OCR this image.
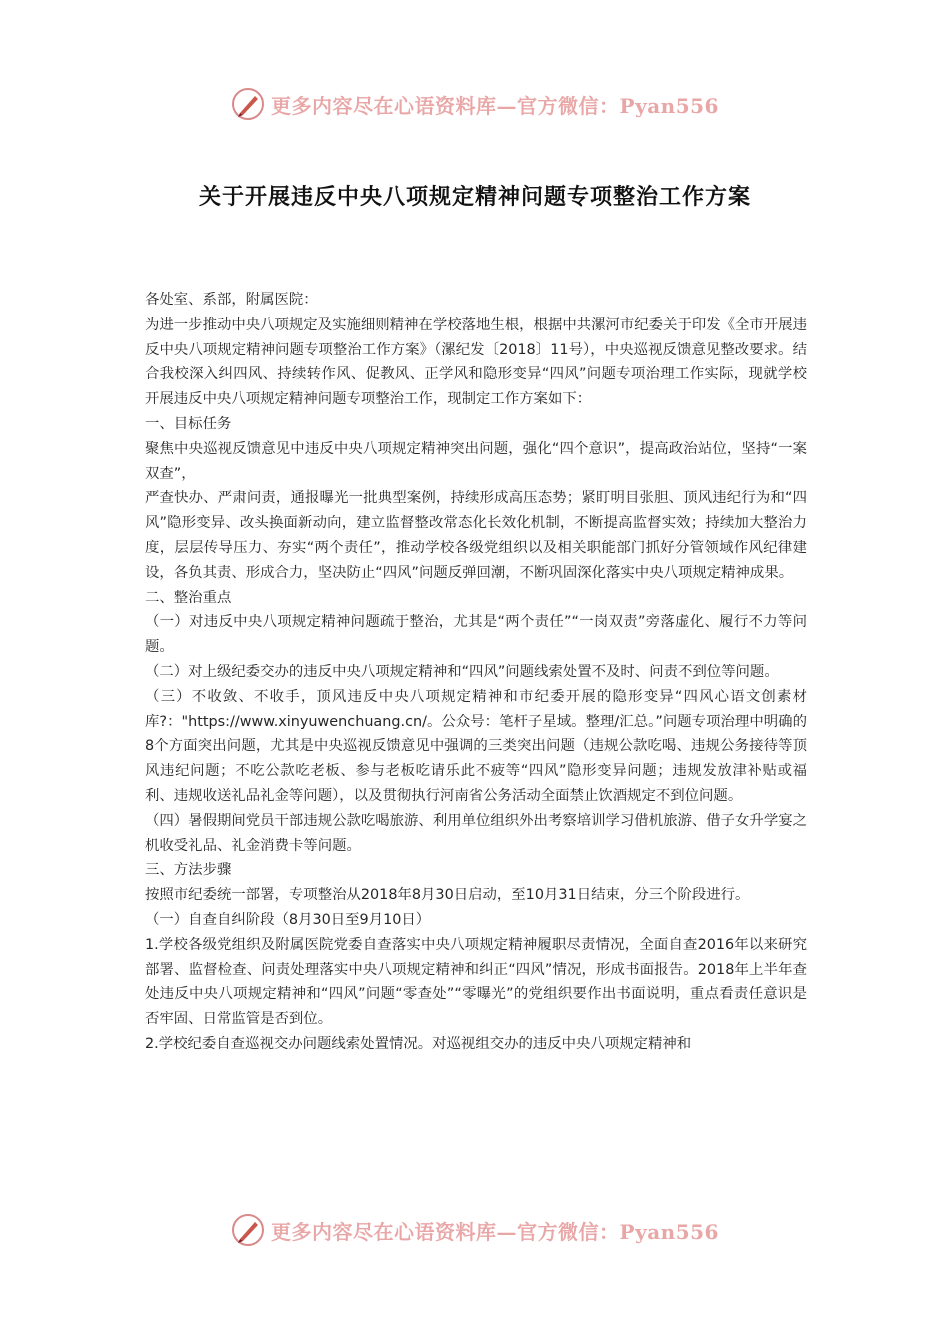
更多内容尽在心语资料库—官方微信：Pyan556
关于开展违反中央八项规定精神问题专项整治工作方案

各处室、系部，附属医院：

为进一步推动中央八项规定及实施细则精神在学校落地生根，根据中共漯河市纪委关于印发《全市开展违反中央八项规定精神问题专项整治工作方案》（漯纪发〔2018〕11号），中央巡视反馈意见整改要求。结合我校深入纠四风、持续转作风、促教风、正学风和隐形变异“四风”问题专项治理工作实际，现就学校开展违反中央八项规定精神问题专项整治工作，现制定工作方案如下：

一、目标任务

聚焦中央巡视反馈意见中违反中央八项规定精神突出问题，强化“四个意识”，提高政治站位，坚持“一案双查”，

严查快办、严肃问责，通报曝光一批典型案例，持续形成高压态势；紧盯明目张胆、顶风违纪行为和“四风”隐形变异、改头换面新动向，建立监督整改常态化长效化机制，不断提高监督实效；持续加大整治力度，层层传导压力、夯实“两个责任”，推动学校各级党组织以及相关职能部门抓好分管领域作风纪律建设，各负其责、形成合力，坚决防止“四风”问题反弹回潮，不断巩固深化落实中央八项规定精神成果。

二、整治重点

（一）对违反中央八项规定精神问题疏于整治，尤其是“两个责任”“一岗双责”旁落虚化、履行不力等问题。

（二）对上级纪委交办的违反中央八项规定精神和“四风”问题线索处置不及时、问责不到位等问题。

（三）不收敛、不收手，顶风违反中央八项规定精神和市纪委开展的隐形变异“四风心语文创素材库?："https://www.xinyuwenchuang.cn/。公众号：笔杆子星域。整理/汇总。”问题专项治理中明确的8个方面突出问题，尤其是中央巡视反馈意见中强调的三类突出问题（违规公款吃喝、违规公务接待等顶风违纪问题；不吃公款吃老板、参与老板吃请乐此不疲等“四风”隐形变异问题；违规发放津补贴或福利、违规收送礼品礼金等问题），以及贯彻执行河南省公务活动全面禁止饮酒规定不到位问题。

（四）暑假期间党员干部违规公款吃喝旅游、利用单位组织外出考察培训学习借机旅游、借子女升学宴之机收受礼品、礼金消费卡等问题。

三、方法步骤

按照市纪委统一部署，专项整治从2018年8月30日启动，至10月31日结束，分三个阶段进行。

（一）自查自纠阶段（8月30日至9月10日）

1.学校各级党组织及附属医院党委自查落实中央八项规定精神履职尽责情况，全面自查2016年以来研究部署、监督检查、问责处理落实中央八项规定精神和纠正“四风”情况，形成书面报告。2018年上半年查处违反中央八项规定精神和“四风”问题“零查处”“零曝光”的党组织要作出书面说明，重点看责任意识是否牢固、日常监管是否到位。

2.学校纪委自查巡视交办问题线索处置情况。对巡视组交办的违反中央八项规定精神和

更多内容尽在心语资料库—官方微信：Pyan556
